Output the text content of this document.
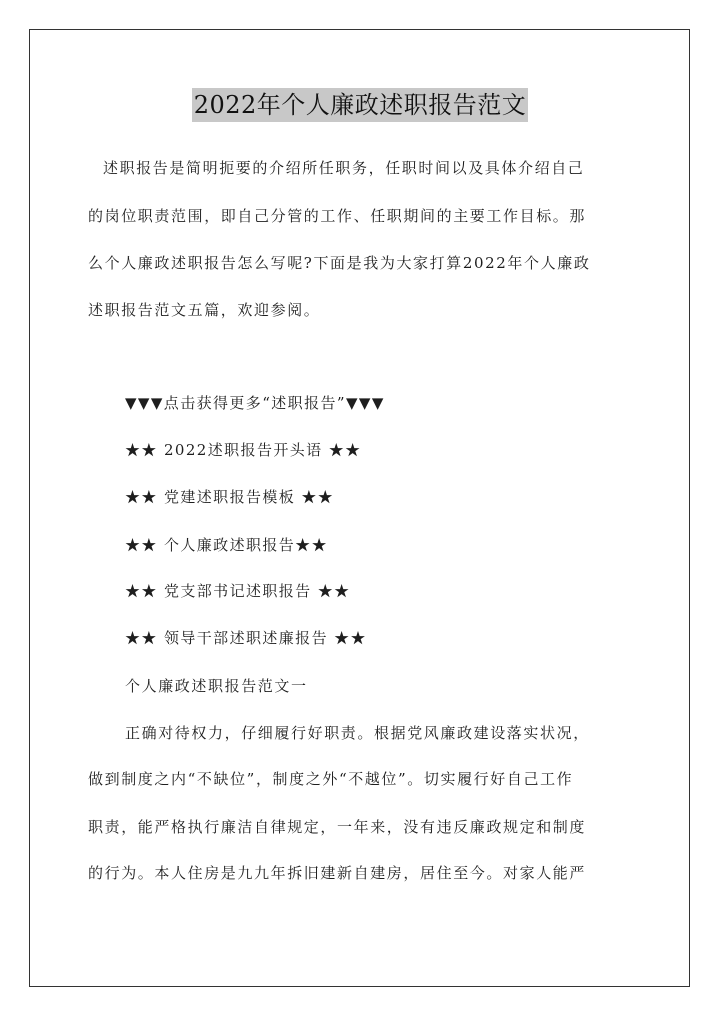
2022年个人廉政述职报告范文
述职报告是简明扼要的介绍所任职务，任职时间以及具体介绍自己
的岗位职责范围，即自己分管的工作、任职期间的主要工作目标。那
么个人廉政述职报告怎么写呢?下面是我为大家打算2022年个人廉政
述职报告范文五篇，欢迎参阅。
▼▼▼点击获得更多“述职报告”▼▼▼
★★ 2022述职报告开头语 ★★
★★ 党建述职报告模板 ★★
★★ 个人廉政述职报告★★
★★ 党支部书记述职报告 ★★
★★ 领导干部述职述廉报告 ★★
个人廉政述职报告范文一
正确对待权力，仔细履行好职责。根据党风廉政建设落实状况，
做到制度之内“不缺位”，制度之外“不越位”。切实履行好自己工作
职责，能严格执行廉洁自律规定，一年来，没有违反廉政规定和制度
的行为。本人住房是九九年拆旧建新自建房，居住至今。对家人能严
